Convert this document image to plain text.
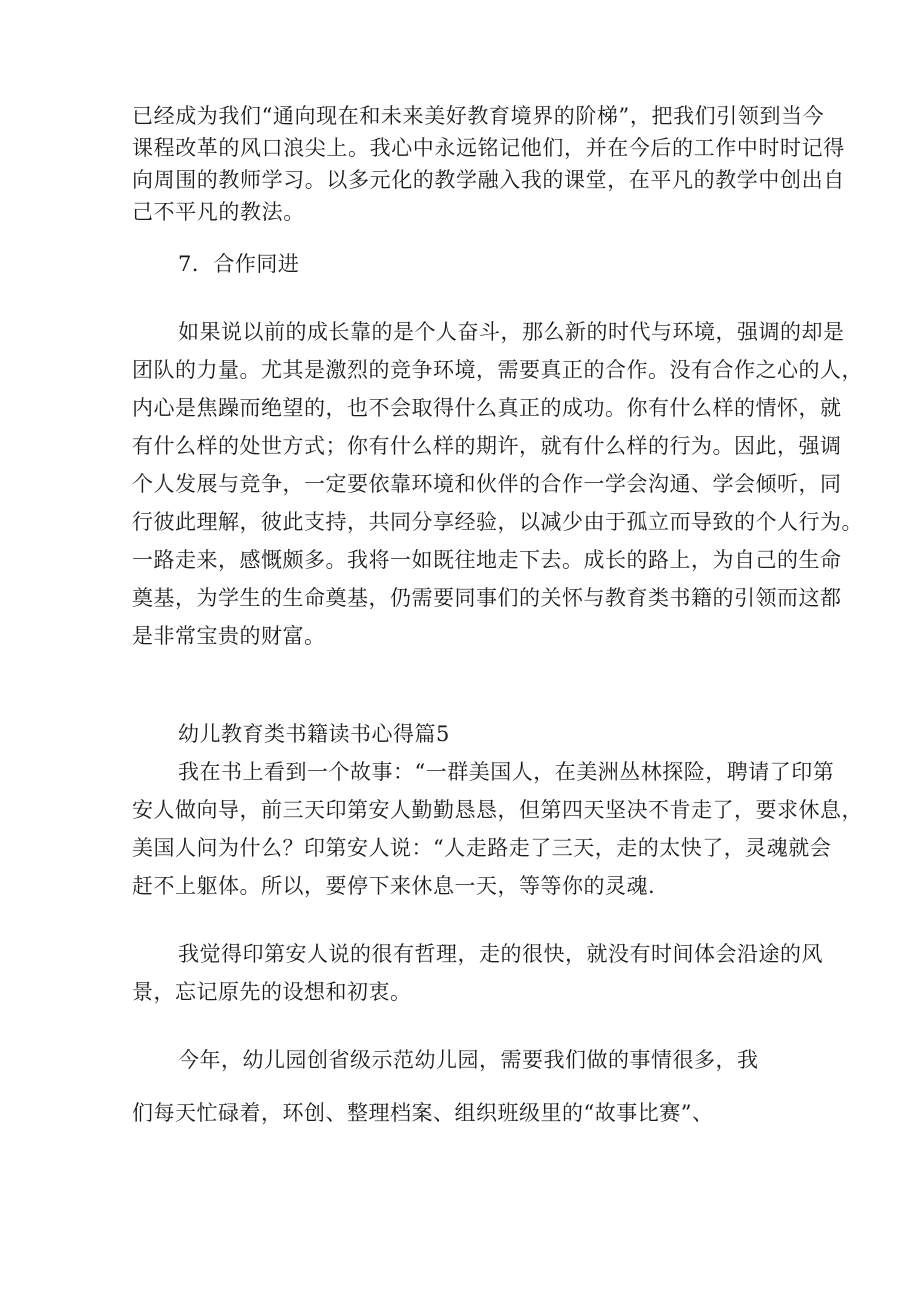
已经成为我们“通向现在和未来美好教育境界的阶梯”，把我们引领到当今
课程改革的风口浪尖上。我心中永远铭记他们，并在今后的工作中时时记得
向周围的教师学习。以多元化的教学融入我的课堂，在平凡的教学中创出自
己不平凡的教法。
7．合作同进
如果说以前的成长靠的是个人奋斗，那么新的时代与环境，强调的却是
团队的力量。尤其是激烈的竞争环境，需要真正的合作。没有合作之心的人，
内心是焦躁而绝望的，也不会取得什么真正的成功。你有什么样的情怀，就
有什么样的处世方式；你有什么样的期许，就有什么样的行为。因此，强调
个人发展与竞争，一定要依靠环境和伙伴的合作一学会沟通、学会倾听，同
行彼此理解，彼此支持，共同分享经验，以减少由于孤立而导致的个人行为。
一路走来，感慨颇多。我将一如既往地走下去。成长的路上，为自己的生命
奠基，为学生的生命奠基，仍需要同事们的关怀与教育类书籍的引领而这都
是非常宝贵的财富。
幼儿教育类书籍读书心得篇5
我在书上看到一个故事：“一群美国人，在美洲丛林探险，聘请了印第
安人做向导，前三天印第安人勤勤恳恳，但第四天坚决不肯走了，要求休息，
美国人问为什么？印第安人说：“人走路走了三天，走的太快了，灵魂就会
赶不上躯体。所以，要停下来休息一天，等等你的灵魂.
我觉得印第安人说的很有哲理，走的很快，就没有时间体会沿途的风
景，忘记原先的设想和初衷。
今年，幼儿园创省级示范幼儿园，需要我们做的事情很多，我
们每天忙碌着，环创、整理档案、组织班级里的“故事比赛”、
